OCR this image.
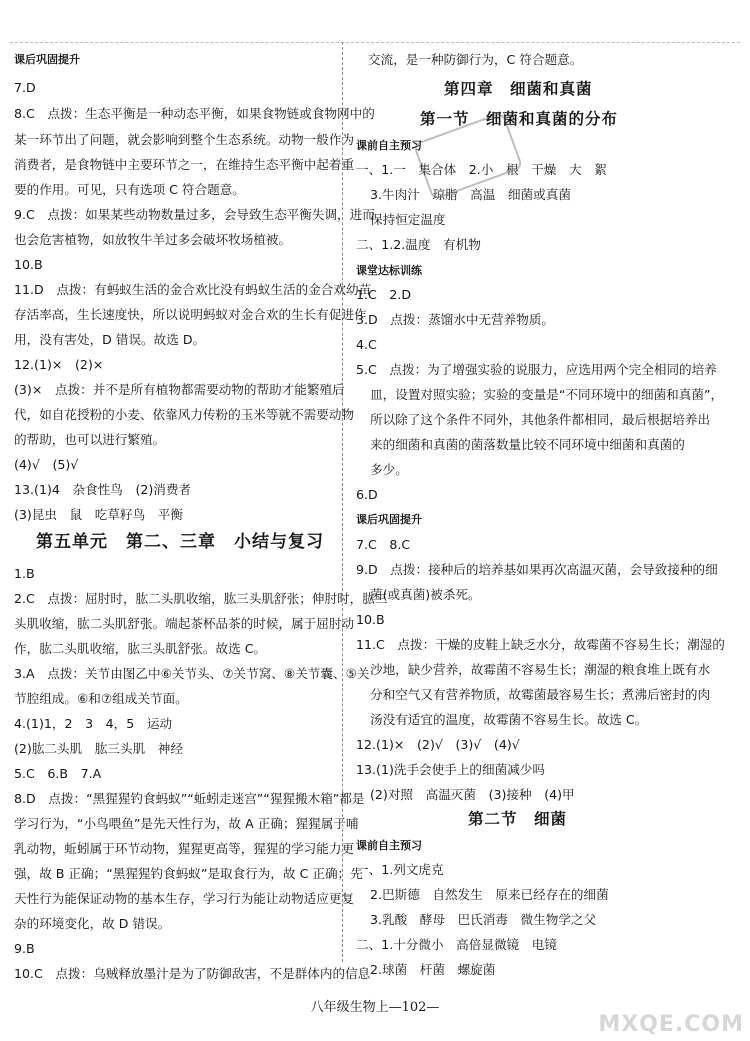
课后巩固提升
7.D
8.C　点拨：生态平衡是一种动态平衡，如果食物链或食物网中的
某一环节出了问题，就会影响到整个生态系统。动物一般作为
消费者，是食物链中主要环节之一，在维持生态平衡中起着重
要的作用。可见，只有选项 C 符合题意。
9.C　点拨：如果某些动物数量过多，会导致生态平衡失调，进而
也会危害植物，如放牧牛羊过多会破坏牧场植被。
10.B
11.D　点拨：有蚂蚁生活的金合欢比没有蚂蚁生活的金合欢幼苗
存活率高，生长速度快，所以说明蚂蚁对金合欢的生长有促进作
用，没有害处，D 错误。故选 D。
12.(1)×　(2)×
(3)×　点拨：并不是所有植物都需要动物的帮助才能繁殖后
代，如自花授粉的小麦、依靠风力传粉的玉米等就不需要动物
的帮助，也可以进行繁殖。
(4)√　(5)√
13.(1)4　杂食性鸟　(2)消费者
(3)昆虫　鼠　吃草籽鸟　平衡
第五单元　第二、三章　小结与复习
1.B
2.C　点拨：屈肘时，肱二头肌收缩，肱三头肌舒张；伸肘时，肱三
头肌收缩，肱二头肌舒张。端起茶杯品茶的时候，属于屈肘动
作，肱二头肌收缩，肱三头肌舒张。故选 C。
3.A　点拨：关节由图乙中⑥关节头、⑦关节窝、⑧关节囊、⑤关
节腔组成。⑥和⑦组成关节面。
4.(1)1，2　3　4，5　运动
(2)肱二头肌　肱三头肌　神经
5.C　6.B　7.A
8.D　点拨：“黑猩猩钓食蚂蚁”“蚯蚓走迷宫”“猩猩搬木箱”都是
学习行为，“小鸟喂鱼”是先天性行为，故 A 正确；猩猩属于哺
乳动物，蚯蚓属于环节动物，猩猩更高等，猩猩的学习能力更
强，故 B 正确；“黑猩猩钓食蚂蚁”是取食行为，故 C 正确；先
天性行为能保证动物的基本生存，学习行为能让动物适应更复
杂的环境变化，故 D 错误。
9.B
10.C　点拨：乌贼释放墨汁是为了防御敌害，不是群体内的信息
交流，是一种防御行为，C 符合题意。
第四章　细菌和真菌
第一节　细菌和真菌的分布
课前自主预习
一、1.一　集合体　2.小　根　干燥　大　絮
3.牛肉汁　琼脂　高温　细菌或真菌
保持恒定温度
二、1.2.温度　有机物
课堂达标训练
1.C　2.D
3.D　点拨：蒸馏水中无营养物质。
4.C
5.C　点拨：为了增强实验的说服力，应选用两个完全相同的培养
皿，设置对照实验；实验的变量是“不同环境中的细菌和真菌”，
所以除了这个条件不同外，其他条件都相同，最后根据培养出
来的细菌和真菌的菌落数量比较不同环境中细菌和真菌的
多少。
6.D
课后巩固提升
7.C　8.C
9.D　点拨：接种后的培养基如果再次高温灭菌，会导致接种的细
菌(或真菌)被杀死。
10.B
11.C　点拨：干燥的皮鞋上缺乏水分，故霉菌不容易生长；潮湿的
沙地，缺少营养，故霉菌不容易生长；潮湿的粮食堆上既有水
分和空气又有营养物质，故霉菌最容易生长；煮沸后密封的肉
汤没有适宜的温度，故霉菌不容易生长。故选 C。
12.(1)×　(2)√　(3)√　(4)√
13.(1)洗手会使手上的细菌减少吗
(2)对照　高温灭菌　(3)接种　(4)甲
第二节　细菌
课前自主预习
一、1.列文虎克
2.巴斯德　自然发生　原来已经存在的细菌
3.乳酸　酵母　巴氏消毒　微生物学之父
二、1.十分微小　高倍显微镜　电镜
2.球菌　杆菌　螺旋菌
八年级生物上—102—
MXQE.COM
